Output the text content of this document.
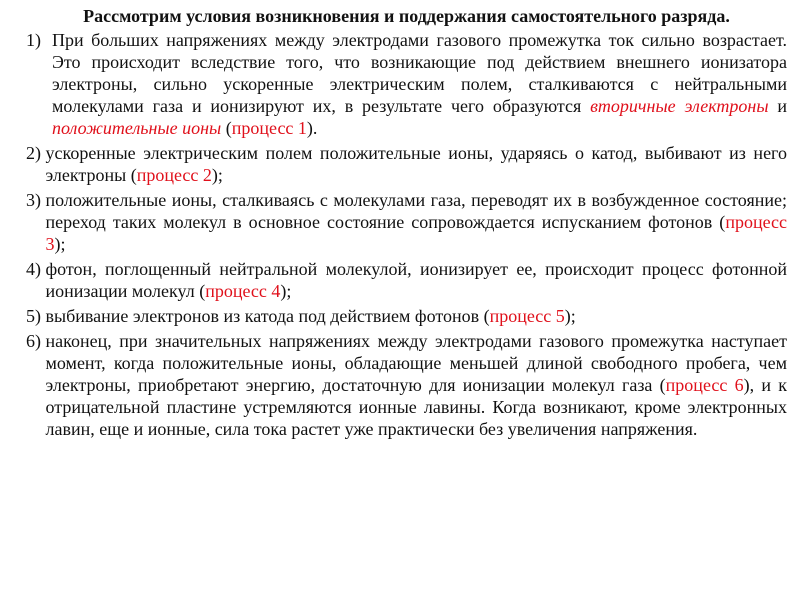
Рассмотрим условия возникновения и поддержания самостоятельного разряда.
1) При больших напряжениях между электродами газового промежутка ток сильно возрастает. Это происходит вследствие того, что возникающие под действием внешнего ионизатора электроны, сильно ускоренные электрическим полем, сталкиваются с нейтральными молекулами газа и ионизируют их, в результате чего образуются вторичные электроны и положительные ионы (процесс 1).
2) ускоренные электрическим полем положительные ионы, ударяясь о катод, выбивают из него электроны (процесс 2);
3) положительные ионы, сталкиваясь с молекулами газа, переводят их в возбужденное состояние; переход таких молекул в основное состояние сопровождается испусканием фотонов (процесс 3);
4) фотон, поглощенный нейтральной молекулой, ионизирует ее, происходит процесс фотонной ионизации молекул (процесс 4);
5) выбивание электронов из катода под действием фотонов (процесс 5);
6) наконец, при значительных напряжениях между электродами газового промежутка наступает момент, когда положительные ионы, обладающие меньшей длиной свободного пробега, чем электроны, приобретают энергию, достаточную для ионизации молекул газа (процесс 6), и к отрицательной пластине устремляются ионные лавины. Когда возникают, кроме электронных лавин, еще и ионные, сила тока растет уже практически без увеличения напряжения.
